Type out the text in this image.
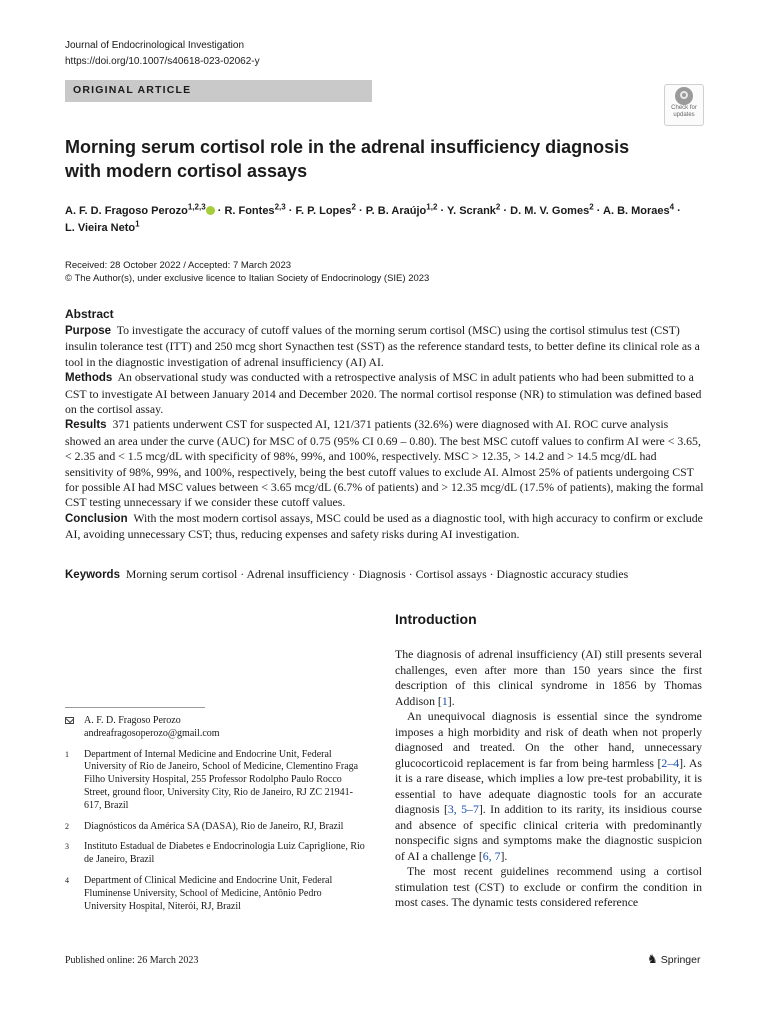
Journal of Endocrinological Investigation
https://doi.org/10.1007/s40618-023-02062-y
ORIGINAL ARTICLE
Check for
updates
Morning serum cortisol role in the adrenal insufficiency diagnosis
with modern cortisol assays
A. F. D. Fragoso Perozo$^{1,2,3}$ · R. Fontes$^{2,3}$ · F. P. Lopes$^2$ · P. B. Araújo$^{1,2}$ · Y. Scrank$^2$ · D. M. V. Gomes$^2$ · A. B. Moraes$^4$ ·
L. Vieira Neto$^1$
Received: 28 October 2022 / Accepted: 7 March 2023
© The Author(s), under exclusive licence to Italian Society of Endocrinology (SIE) 2023
Abstract

Purpose To investigate the accuracy of cutoff values of the morning serum cortisol (MSC) using the cortisol stimulus test (CST) insulin tolerance test (ITT) and 250 mcg short Synacthen test (SST) as the reference standard tests, to better define its clinical role as a tool in the diagnostic investigation of adrenal insufficiency (AI) AI.

Methods An observational study was conducted with a retrospective analysis of MSC in adult patients who had been submitted to a CST to investigate AI between January 2014 and December 2020. The normal cortisol response (NR) to stimulation was defined based on the cortisol assay.

Results 371 patients underwent CST for suspected AI, 121/371 patients (32.6%) were diagnosed with AI. ROC curve analysis showed an area under the curve (AUC) for MSC of 0.75 (95% CI 0.69 – 0.80). The best MSC cutoff values to confirm AI were < 3.65, < 2.35 and < 1.5 mcg/dL with specificity of 98%, 99%, and 100%, respectively. MSC > 12.35, > 14.2 and > 14.5 mcg/dL had sensitivity of 98%, 99%, and 100%, respectively, being the best cutoff values to exclude AI. Almost 25% of patients undergoing CST for possible AI had MSC values between < 3.65 mcg/dL (6.7% of patients) and > 12.35 mcg/dL (17.5% of patients), making the formal CST testing unnecessary if we consider these cutoff values.

Conclusion With the most modern cortisol assays, MSC could be used as a diagnostic tool, with high accuracy to confirm or exclude AI, avoiding unnecessary CST; thus, reducing expenses and safety risks during AI investigation.

Keywords Morning serum cortisol · Adrenal insufficiency · Diagnosis · Cortisol assays · Diagnostic accuracy studies
Introduction

The diagnosis of adrenal insufficiency (AI) still presents several challenges, even after more than 150 years since the first description of this clinical syndrome in 1856 by Thomas Addison [1].

An unequivocal diagnosis is essential since the syndrome imposes a high morbidity and risk of death when not properly diagnosed and treated. On the other hand, unnecessary glucocorticoid replacement is far from being harmless [2–4]. As it is a rare disease, which implies a low pre-test probability, it is essential to have adequate diagnostic tools for an accurate diagnosis [3, 5–7]. In addition to its rarity, its insidious course and absence of specific clinical criteria with predominantly nonspecific signs and symptoms make the diagnostic suspicion of AI a challenge [6, 7].

The most recent guidelines recommend using a cortisol stimulation test (CST) to exclude or confirm the condition in most cases. The dynamic tests considered reference

A. F. D. Fragoso Perozo
andreafragosoperozo@gmail.com
1 Department of Internal Medicine and Endocrine Unit, Federal University of Rio de Janeiro, School of Medicine, Clementino Fraga Filho University Hospital, 255 Professor Rodolpho Paulo Rocco Street, ground floor, University City, Rio de Janeiro, RJ ZC 21941-617, Brazil
2 Diagnósticos da América SA (DASA), Rio de Janeiro, RJ, Brazil
3 Instituto Estadual de Diabetes e Endocrinologia Luiz Capriglione, Rio de Janeiro, Brazil
4 Department of Clinical Medicine and Endocrine Unit, Federal Fluminense University, School of Medicine, Antônio Pedro University Hospital, Niterói, RJ, Brazil
Published online: 26 March 2023	♞ Springer
